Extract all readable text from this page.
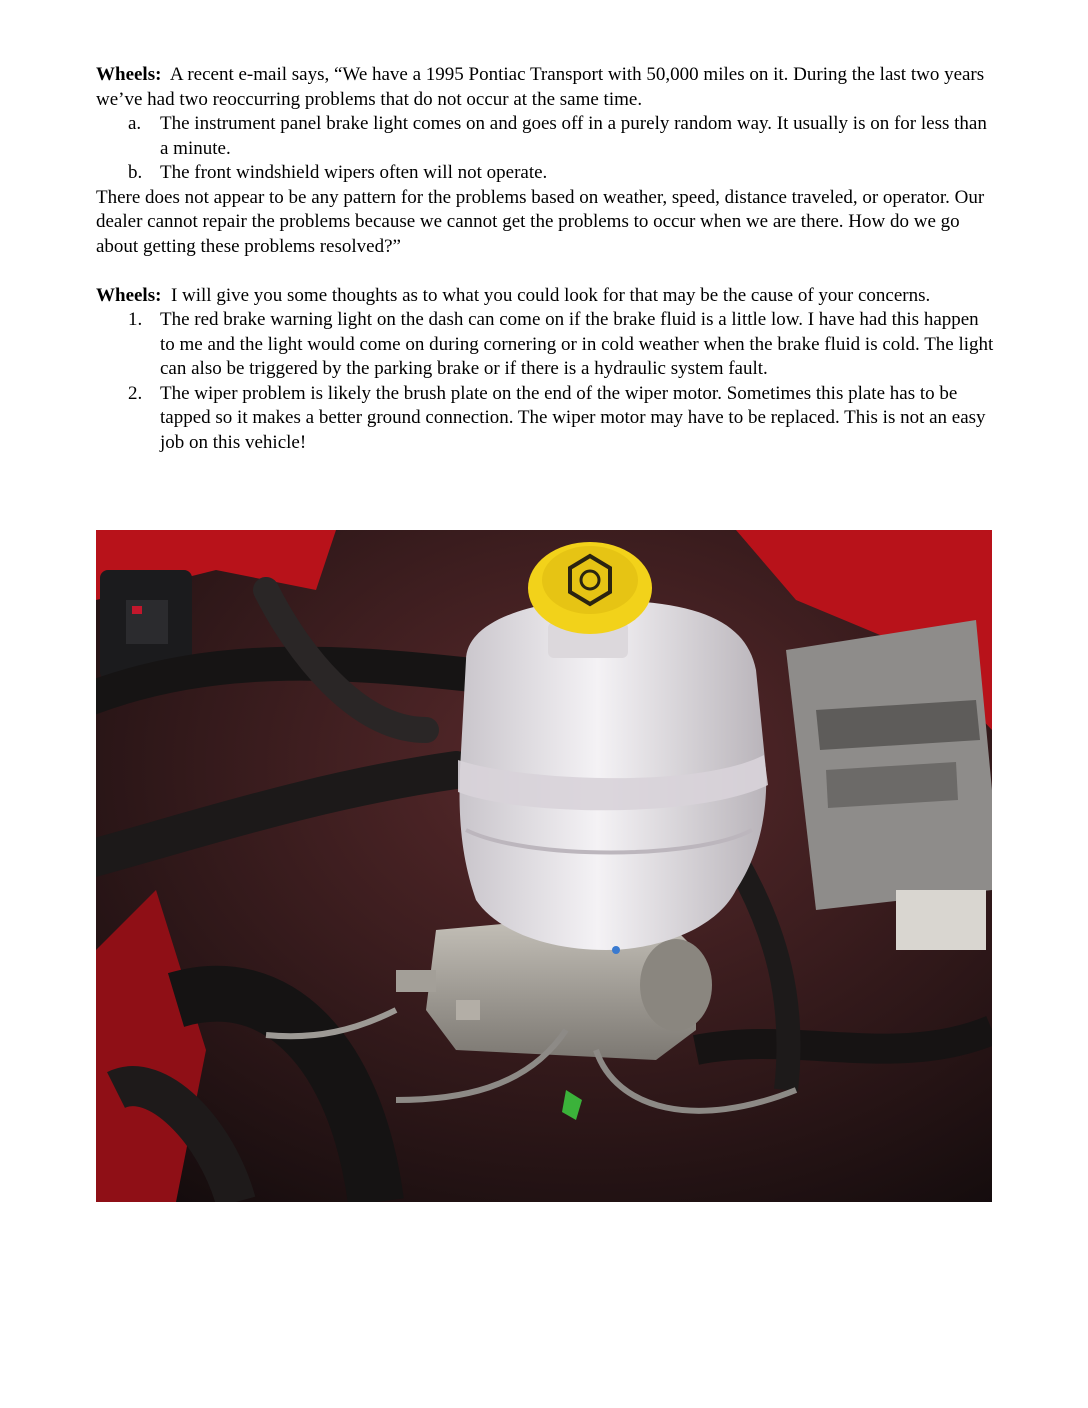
Wheels: A recent e-mail says, “We have a 1995 Pontiac Transport with 50,000 miles on it. During the last two years we’ve had two reoccurring problems that do not occur at the same time.

a. The instrument panel brake light comes on and goes off in a purely random way. It usually is on for less than a minute.
b. The front windshield wipers often will not operate.

There does not appear to be any pattern for the problems based on weather, speed, distance traveled, or operator. Our dealer cannot repair the problems because we cannot get the problems to occur when we are there. How do we go about getting these problems resolved?”

Wheels: I will give you some thoughts as to what you could look for that may be the cause of your concerns.

1. The red brake warning light on the dash can come on if the brake fluid is a little low. I have had this happen to me and the light would come on during cornering or in cold weather when the brake fluid is cold. The light can also be triggered by the parking brake or if there is a hydraulic system fault.
2. The wiper problem is likely the brush plate on the end of the wiper motor. Sometimes this plate has to be tapped so it makes a better ground connection. The wiper motor may have to be replaced. This is not an easy job on this vehicle!
